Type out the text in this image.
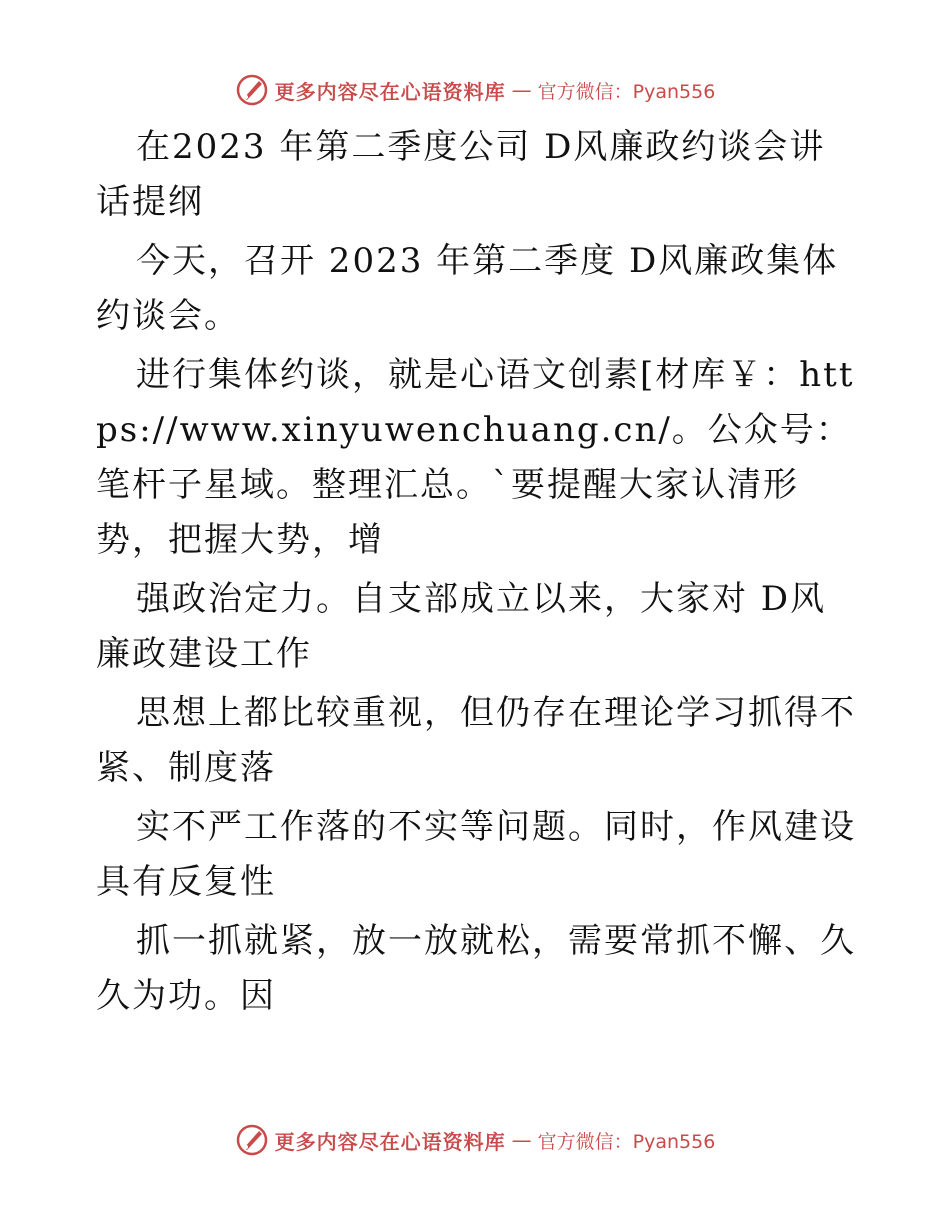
更多内容尽在心语资料库 — 官方微信：Pyan556

在2023 年第二季度公司 D风廉政约谈会讲话提纲

今天，召开 2023 年第二季度 D风廉政集体约谈会。

进行集体约谈，就是心语文创素[材库￥：https://www.xinyuwenchuang.cn/。公众号：笔杆子星域。整理汇总。`要提醒大家认清形势，把握大势，增

强政治定力。自支部成立以来，大家对 D风廉政建设工作

思想上都比较重视，但仍存在理论学习抓得不紧、制度落

实不严工作落的不实等问题。同时，作风建设具有反复性

抓一抓就紧，放一放就松，需要常抓不懈、久久为功。因

更多内容尽在心语资料库 — 官方微信：Pyan556
